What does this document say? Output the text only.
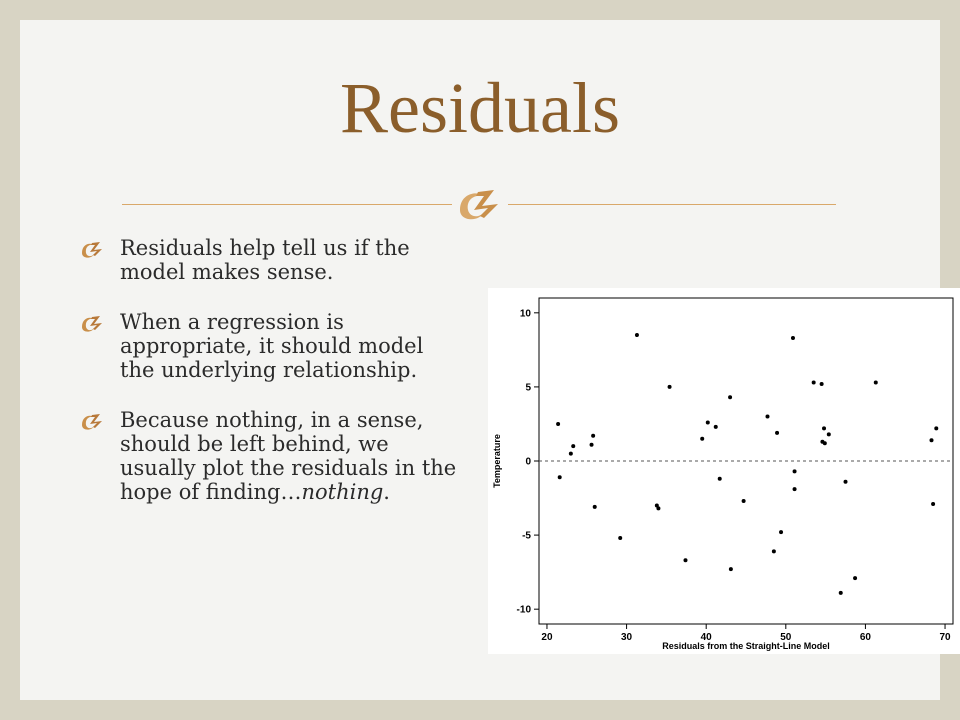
Residuals
Residuals help tell us if the model makes sense.
When a regression is appropriate, it should model the underlying relationship.
Because nothing, in a sense, should be left behind, we usually plot the residuals in the hope of finding…nothing.
10
5
0
-5
-10
20	30	40	50	60	70
Temperature
Residuals from the Straight-Line Model
